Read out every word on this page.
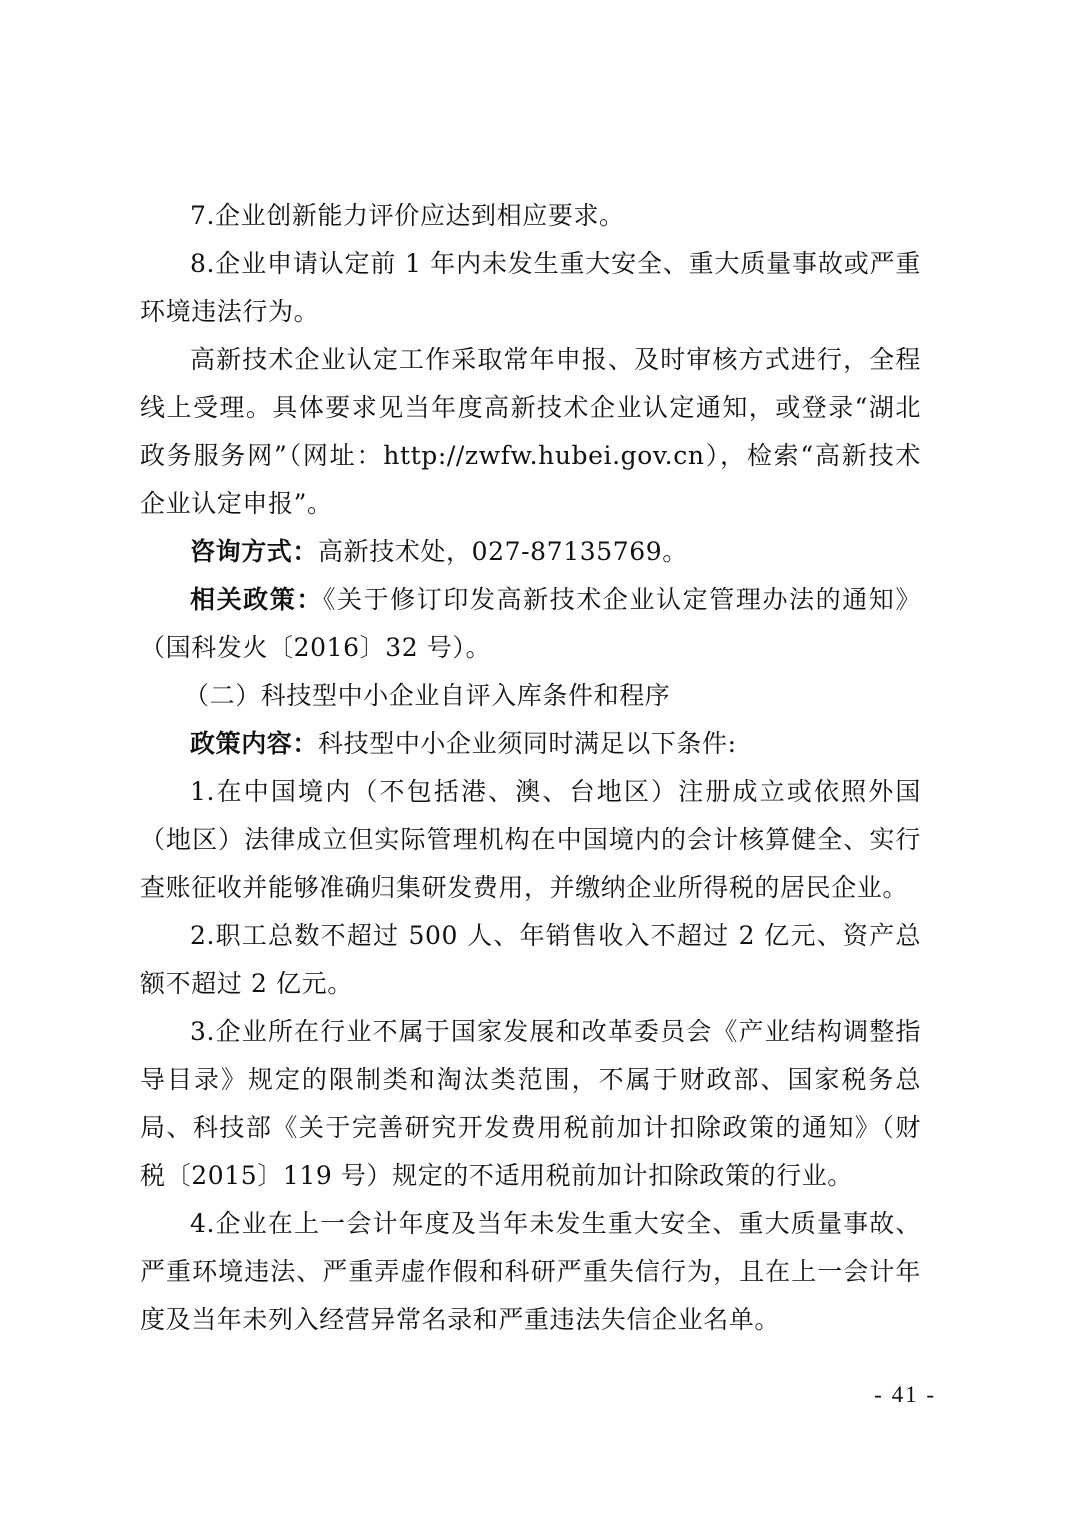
7.企业创新能力评价应达到相应要求。

8.企业申请认定前 1 年内未发生重大安全、重大质量事故或严重环境违法行为。

高新技术企业认定工作采取常年申报、及时审核方式进行，全程线上受理。具体要求见当年度高新技术企业认定通知，或登录“湖北政务服务网”（网址：http://zwfw.hubei.gov.cn），检索“高新技术企业认定申报”。

咨询方式：高新技术处，027-87135769。

相关政策：《关于修订印发高新技术企业认定管理办法的通知》（国科发火〔2016〕32 号）。

（二）科技型中小企业自评入库条件和程序

政策内容：科技型中小企业须同时满足以下条件:

1.在中国境内（不包括港、澳、台地区）注册成立或依照外国（地区）法律成立但实际管理机构在中国境内的会计核算健全、实行查账征收并能够准确归集研发费用，并缴纳企业所得税的居民企业。

2.职工总数不超过 500 人、年销售收入不超过 2 亿元、资产总额不超过 2 亿元。

3.企业所在行业不属于国家发展和改革委员会《产业结构调整指导目录》规定的限制类和淘汰类范围，不属于财政部、国家税务总局、科技部《关于完善研究开发费用税前加计扣除政策的通知》（财税〔2015〕119 号）规定的不适用税前加计扣除政策的行业。

4.企业在上一会计年度及当年未发生重大安全、重大质量事故、严重环境违法、严重弄虚作假和科研严重失信行为，且在上一会计年度及当年未列入经营异常名录和严重违法失信企业名单。

- 41 -
